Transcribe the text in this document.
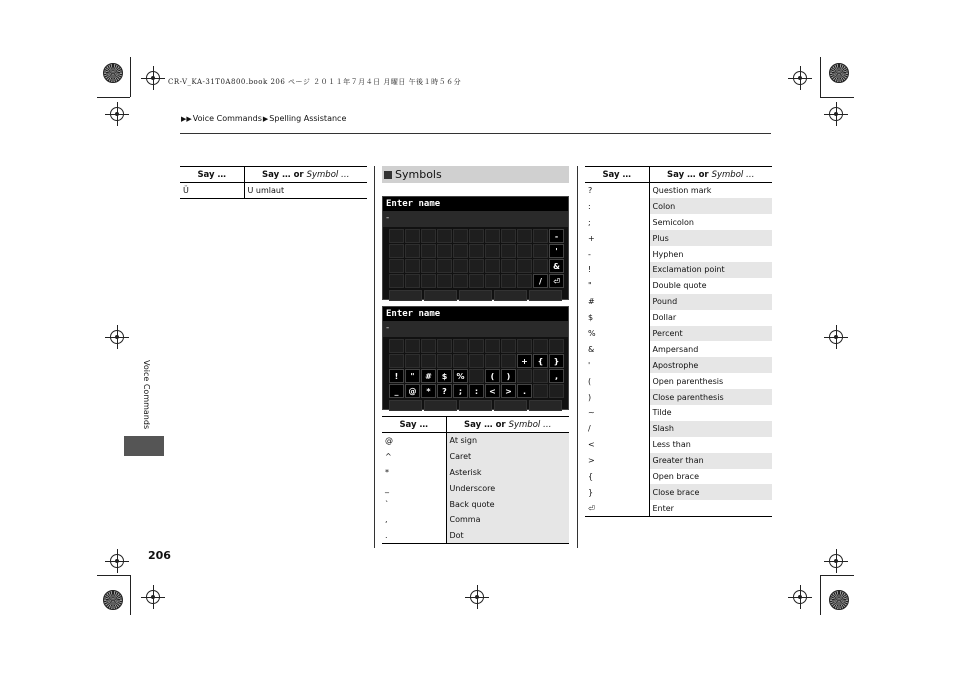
CR-V_KA-31T0A800.book 206 ページ ２０１１年７月４日 月曜日 午後１時５６分
▶▶ Voice Commands ▶ Spelling Assistance
Voice Commands
206
Say …	Say … or Symbol …
Ü	U umlaut
Symbols
Enter name
-
-
'
&
/	⏎
Enter name
-
+	{	}
!	"	#	$	%	(	)	,
_	@	*	?	;	:	<	>	.
Say …	Say … or Symbol …
@	At sign
^	Caret
*	Asterisk
_	Underscore
`	Back quote
,	Comma
.	Dot
Say …	Say … or Symbol …
?	Question mark
:	Colon
;	Semicolon
+	Plus
-	Hyphen
!	Exclamation point
"	Double quote
#	Pound
$	Dollar
%	Percent
&	Ampersand
'	Apostrophe
(	Open parenthesis
)	Close parenthesis
~	Tilde
/	Slash
<	Less than
>	Greater than
{	Open brace
}	Close brace
⏎	Enter
